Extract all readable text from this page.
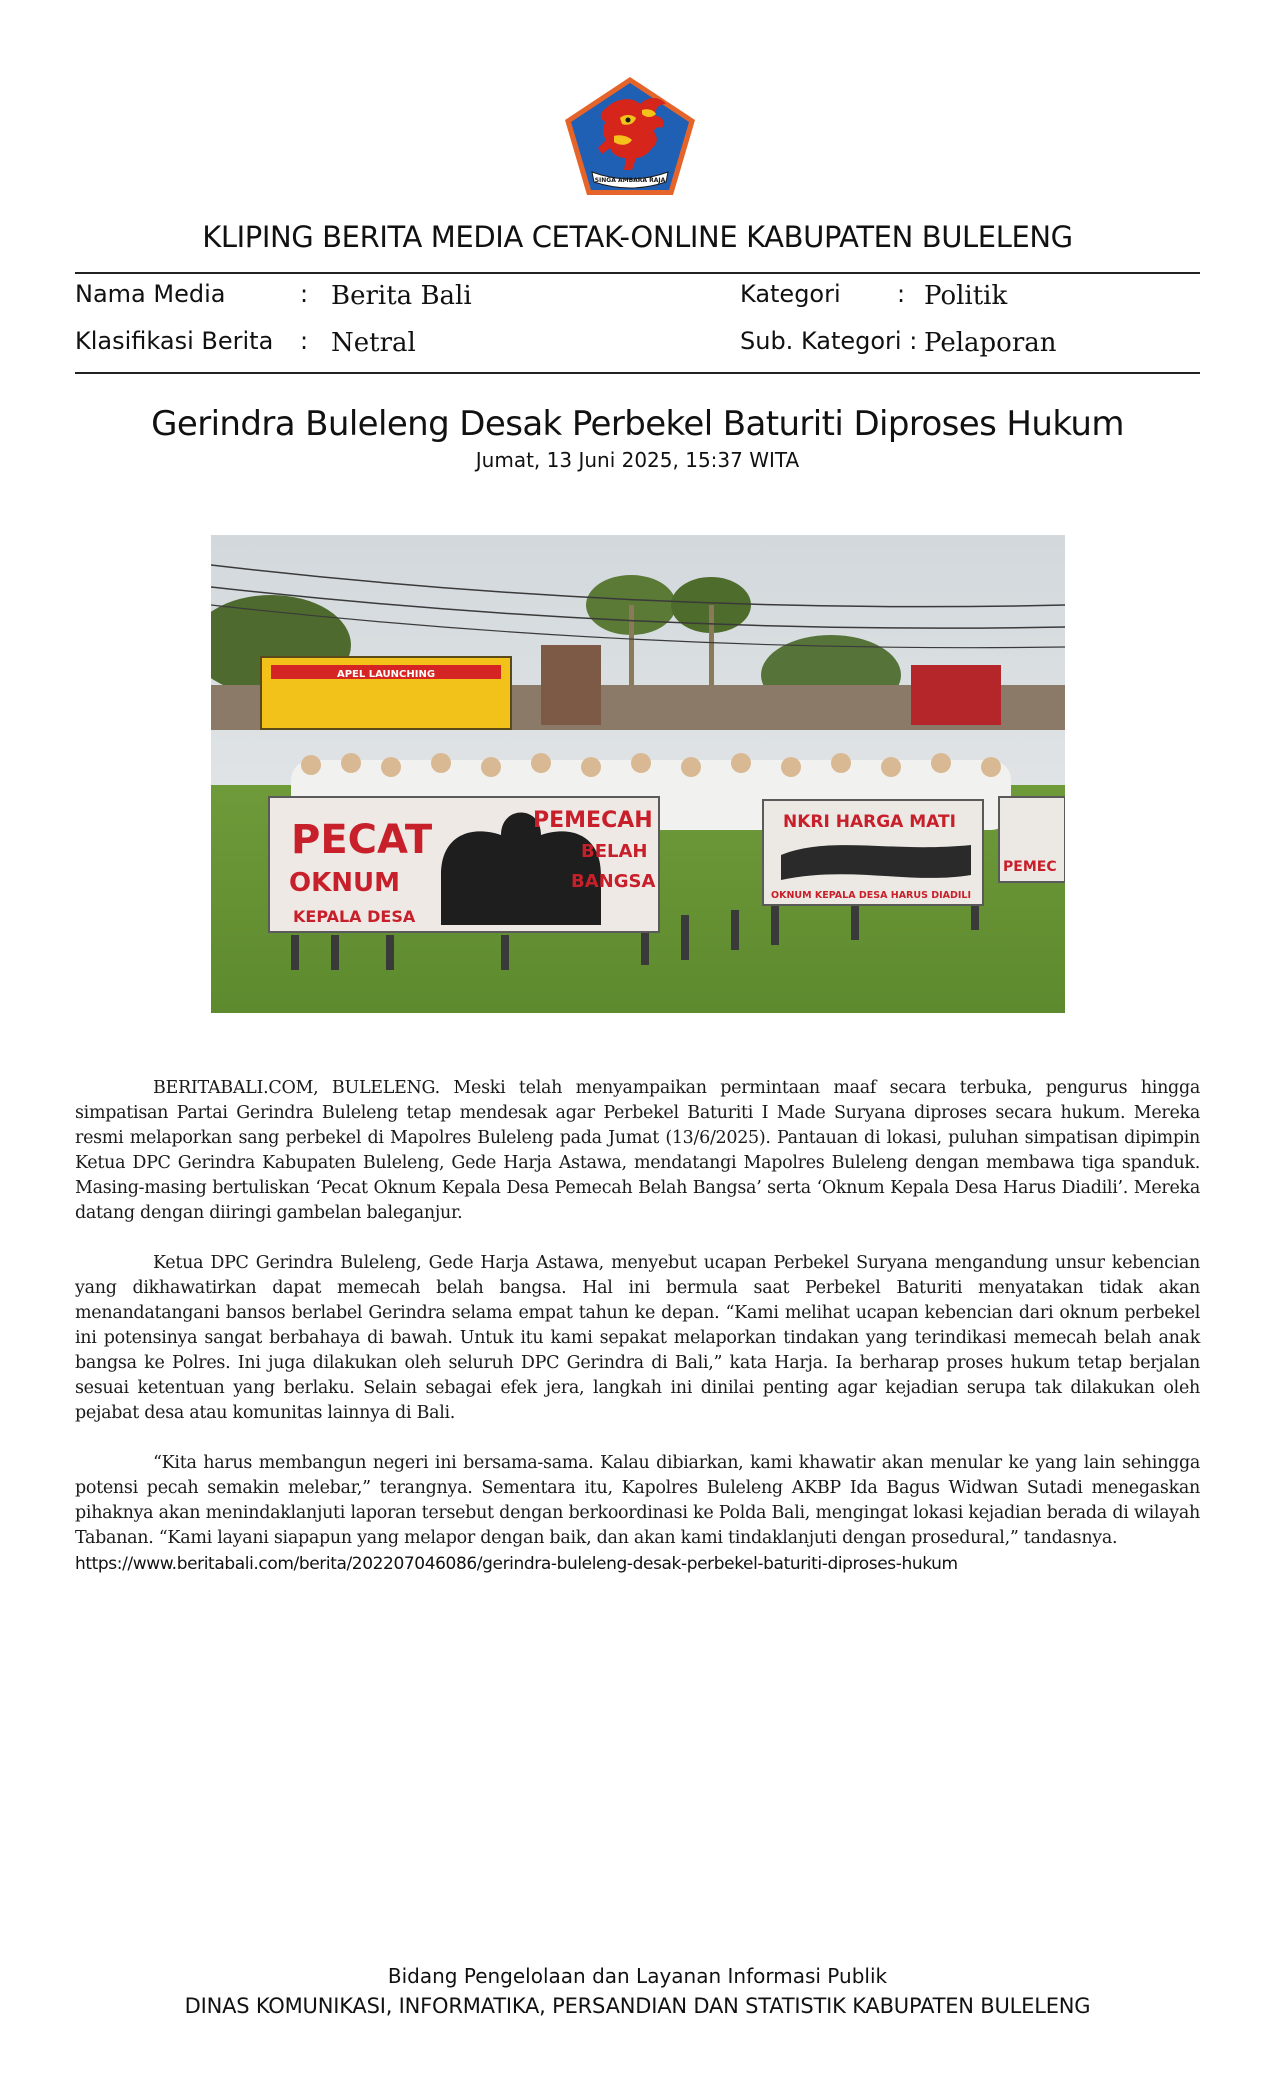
SINGA AMBARA RAJA
KLIPING BERITA MEDIA CETAK-ONLINE KABUPATEN BULELENG
Nama Media	: Berita Bali	Kategori : Politik
Klasifikasi Berita : Netral	Sub. Kategori : Pelaporan
Gerindra Buleleng Desak Perbekel Baturiti Diproses Hukum
Jumat, 13 Juni 2025, 15:37 WITA
APEL LAUNCHING
PECAT
OKNUM
KEPALA DESA
PEMECAH
BELAH
BANGSA
NKRI HARGA MATI
OKNUM KEPALA DESA HARUS DIADILI
PEMEC

BERITABALI.COM, BULELENG. Meski telah menyampaikan permintaan maaf secara terbuka, pengurus hingga simpatisan Partai Gerindra Buleleng tetap mendesak agar Perbekel Baturiti I Made Suryana diproses secara hukum. Mereka resmi melaporkan sang perbekel di Mapolres Buleleng pada Jumat (13/6/2025). Pantauan di lokasi, puluhan simpatisan dipimpin Ketua DPC Gerindra Kabupaten Buleleng, Gede Harja Astawa, mendatangi Mapolres Buleleng dengan membawa tiga spanduk. Masing-masing bertuliskan ‘Pecat Oknum Kepala Desa Pemecah Belah Bangsa’ serta ‘Oknum Kepala Desa Harus Diadili’. Mereka datang dengan diiringi gambelan baleganjur.

Ketua DPC Gerindra Buleleng, Gede Harja Astawa, menyebut ucapan Perbekel Suryana mengandung unsur kebencian yang dikhawatirkan dapat memecah belah bangsa. Hal ini bermula saat Perbekel Baturiti menyatakan tidak akan menandatangani bansos berlabel Gerindra selama empat tahun ke depan. “Kami melihat ucapan kebencian dari oknum perbekel ini potensinya sangat berbahaya di bawah. Untuk itu kami sepakat melaporkan tindakan yang terindikasi memecah belah anak bangsa ke Polres. Ini juga dilakukan oleh seluruh DPC Gerindra di Bali,” kata Harja. Ia berharap proses hukum tetap berjalan sesuai ketentuan yang berlaku. Selain sebagai efek jera, langkah ini dinilai penting agar kejadian serupa tak dilakukan oleh pejabat desa atau komunitas lainnya di Bali.

“Kita harus membangun negeri ini bersama-sama. Kalau dibiarkan, kami khawatir akan menular ke yang lain sehingga potensi pecah semakin melebar,” terangnya. Sementara itu, Kapolres Buleleng AKBP Ida Bagus Widwan Sutadi menegaskan pihaknya akan menindaklanjuti laporan tersebut dengan berkoordinasi ke Polda Bali, mengingat lokasi kejadian berada di wilayah Tabanan. “Kami layani siapapun yang melapor dengan baik, dan akan kami tindaklanjuti dengan prosedural,” tandasnya.

https://www.beritabali.com/berita/202207046086/gerindra-buleleng-desak-perbekel-baturiti-diproses-hukum
Bidang Pengelolaan dan Layanan Informasi Publik
DINAS KOMUNIKASI, INFORMATIKA, PERSANDIAN DAN STATISTIK KABUPATEN BULELENG
